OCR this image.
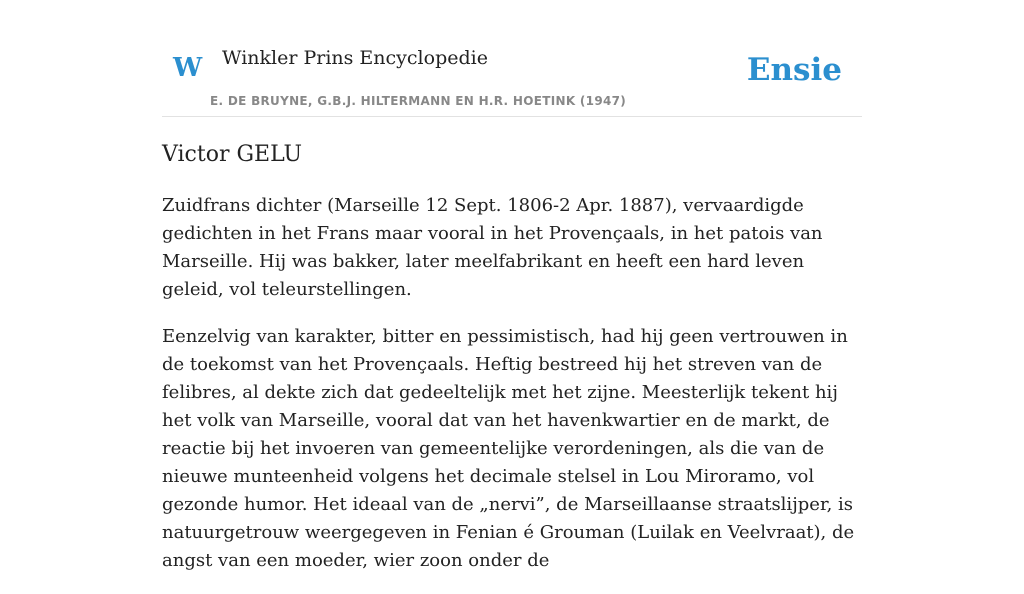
W Winkler Prins Encyclopedie
E. DE BRUYNE, G.B.J. HILTERMANN EN H.R. HOETINK (1947)
Ensie
Victor GELU

Zuidfrans dichter (Marseille 12 Sept. 1806-2 Apr. 1887), vervaardigde gedichten in het Frans maar vooral in het Provençaals, in het patois van Marseille. Hij was bakker, later meelfabrikant en heeft een hard leven geleid, vol teleurstellingen.

Eenzelvig van karakter, bitter en pessimistisch, had hij geen vertrouwen in de toekomst van het Provençaals. Heftig bestreed hij het streven van de felibres, al dekte zich dat gedeeltelijk met het zijne. Meesterlijk tekent hij het volk van Marseille, vooral dat van het havenkwartier en de markt, de reactie bij het invoeren van gemeentelijke verordeningen, als die van de nieuwe munteenheid volgens het decimale stelsel in Lou Miroramo, vol gezonde humor. Het ideaal van de „nervi”, de Marseillaanse straatslijper, is natuurgetrouw weergegeven in Fenian é Grouman (Luilak en Veelvraat), de angst van een moeder, wier zoon onder de
